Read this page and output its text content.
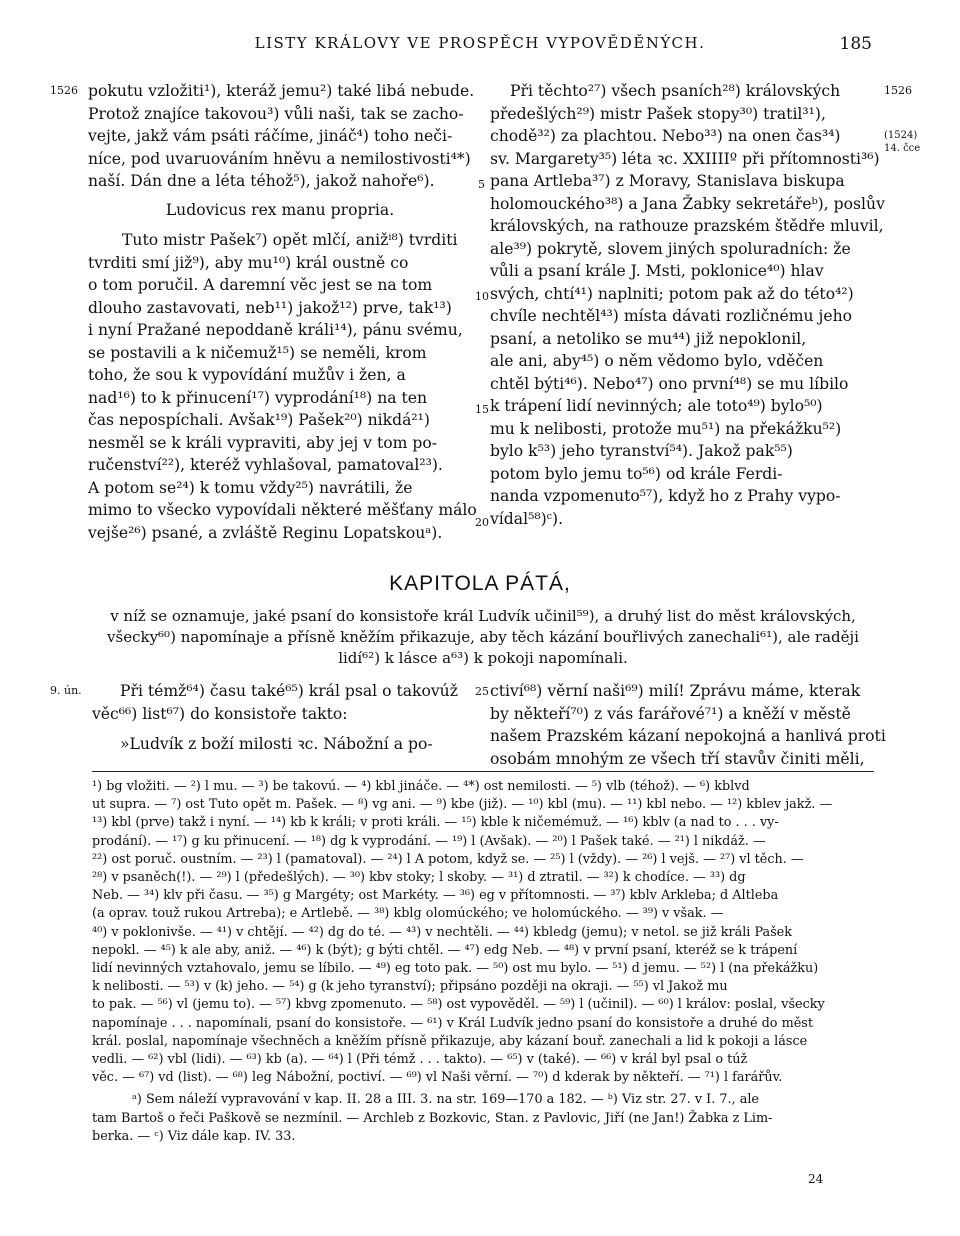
LISTY KRÁLOVY VE PROSPĚCH VYPOVĚDĚNÝCH.	185
1526	1526
(1524)
14. čce
5
10
15
20
25
9. ún.
pokutu vzložiti¹), kteráž jemu²) také libá nebude.
Protož znajíce takovou³) vůli naši, tak se zacho-
vejte, jakž vám psáti ráčíme, jináč⁴) toho neči-
níce, pod uvaruováním hněvu a nemilostivosti⁴*)
naší. Dán dne a léta téhož⁵), jakož nahoře⁶).
Ludovicus rex manu propria.
Tuto mistr Pašek⁷) opět mlčí, anižⁱ⁸) tvrditi
tvrditi smí již⁹), aby mu¹⁰) král oustně co
o tom poručil. A daremní věc jest se na tom
dlouho zastavovati, neb¹¹) jakož¹²) prve, tak¹³)
i nyní Pražané nepoddaně králi¹⁴), pánu svému,
se postavili a k ničemuž¹⁵) se neměli, krom
toho, že sou k vypovídání mužův i žen, a
nad¹⁶) to k přinucení¹⁷) vyprodání¹⁸) na ten
čas nepospíchali. Avšak¹⁹) Pašek²⁰) nikdá²¹)
nesměl se k králi vypraviti, aby jej v tom po-
ručenství²²), kteréž vyhlašoval, pamatoval²³).
A potom se²⁴) k tomu vždy²⁵) navrátili, že
mimo to všecko vypovídali některé měšťany málo
vejše²⁶) psané, a zvláště Reginu Lopatskouᵃ).
Při těchto²⁷) všech psaních²⁸) královských
předešlých²⁹) mistr Pašek stopy³⁰) tratil³¹),
chodě³²) za plachtou. Nebo³³) na onen čas³⁴)
sv. Margarety³⁵) léta ꝛc. XXIIIIº při přítomnosti³⁶)
pana Artleba³⁷) z Moravy, Stanislava biskupa
holomouckého³⁸) a Jana Žabky sekretářeᵇ), poslův
královských, na rathouze prazském štědře mluvil,
ale³⁹) pokrytě, slovem jiných spoluradních: že
vůli a psaní krále J. Msti, poklonice⁴⁰) hlav
svých, chtí⁴¹) naplniti; potom pak až do této⁴²)
chvíle nechtěl⁴³) místa dávati rozličnému jeho
psaní, a netoliko se mu⁴⁴) již nepoklonil,
ale ani, aby⁴⁵) o něm vědomo bylo, vděčen
chtěl býti⁴⁶). Nebo⁴⁷) ono první⁴⁸) se mu líbilo
k trápení lidí nevinných; ale toto⁴⁹) bylo⁵⁰)
mu k nelibosti, protože mu⁵¹) na překážku⁵²)
bylo k⁵³) jeho tyranství⁵⁴). Jakož pak⁵⁵)
potom bylo jemu to⁵⁶) od krále Ferdi-
nanda vzpomenuto⁵⁷), když ho z Prahy vypo-
vídal⁵⁸)ᶜ).
KAPITOLA PÁTÁ,
v níž se oznamuje, jaké psaní do konsistoře král Ludvík učinil⁵⁹), a druhý list do měst královských,
všecky⁶⁰) napomínaje a přísně kněžím přikazuje, aby těch kázání bouřlivých zanechali⁶¹), ale raději
lidí⁶²) k lásce a⁶³) k pokoji napomínali.
Při témž⁶⁴) času také⁶⁵) král psal o takovúž
věc⁶⁶) list⁶⁷) do konsistoře takto:
»Ludvík z boží milosti ꝛc. Nábožní a po-
ctiví⁶⁸) věrní naši⁶⁹) milí! Zprávu máme, kterak
by někteří⁷⁰) z vás farářové⁷¹) a kněží v městě
našem Prazském kázaní nepokojná a hanlivá proti
osobám mnohým ze všech tří stavův činiti měli,
¹) bg vložiti. — ²) l mu. — ³) be takovú. — ⁴) kbl jináče. — ⁴*) ost nemilosti. — ⁵) vlb (téhož). — ⁶) kblvd
ut supra. — ⁷) ost Tuto opět m. Pašek. — ⁸) vg ani. — ⁹) kbe (již). — ¹⁰) kbl (mu). — ¹¹) kbl nebo. — ¹²) kblev jakž. —
¹³) kbl (prve) takž i nyní. — ¹⁴) kb k králi; v proti králi. — ¹⁵) kble k ničemémuž. — ¹⁶) kblv (a nad to . . . vy-
prodání). — ¹⁷) g ku přinucení. — ¹⁸) dg k vyprodání. — ¹⁹) l (Avšak). — ²⁰) l Pašek také. — ²¹) l nikdáž. —
²²) ost poruč. oustním. — ²³) l (pamatoval). — ²⁴) l A potom, když se. — ²⁵) l (vždy). — ²⁶) l vejš. — ²⁷) vl těch. —
²⁸) v psaněch(!). — ²⁹) l (předešlých). — ³⁰) kbv stoky; l skoby. — ³¹) d ztratil. — ³²) k chodíce. — ³³) dg
Neb. — ³⁴) klv při času. — ³⁵) g Margéty; ost Markéty. — ³⁶) eg v přítomnosti. — ³⁷) kblv Arkleba; d Altleba
(a oprav. touž rukou Artreba); e Artlebě. — ³⁸) kblg olomúckého; ve holomúckého. — ³⁹) v však. —
⁴⁰) v poklonivše. — ⁴¹) v chtějí. — ⁴²) dg do té. — ⁴³) v nechtěli. — ⁴⁴) kbledg (jemu); v netol. se již králi Pašek
nepokl. — ⁴⁵) k ale aby, aniž. — ⁴⁶) k (být); g býti chtěl. — ⁴⁷) edg Neb. — ⁴⁸) v první psaní, kteréž se k trápení
lidí nevinných vztahovalo, jemu se líbilo. — ⁴⁹) eg toto pak. — ⁵⁰) ost mu bylo. — ⁵¹) d jemu. — ⁵²) l (na překážku)
k nelibosti. — ⁵³) v (k) jeho. — ⁵⁴) g (k jeho tyranství); připsáno později na okraji. — ⁵⁵) vl Jakož mu
to pak. — ⁵⁶) vl (jemu to). — ⁵⁷) kbvg zpomenuto. — ⁵⁸) ost vypověděl. — ⁵⁹) l (učinil). — ⁶⁰) l králov: poslal, všecky
napomínaje . . . napomínali, psaní do konsistoře. — ⁶¹) v Král Ludvík jedno psaní do konsistoře a druhé do měst
král. poslal, napomínaje všechněch a kněžím přísně přikazuje, aby kázaní bouř. zanechali a lid k pokoji a lásce
vedli. — ⁶²) vbl (lidi). — ⁶³) kb (a). — ⁶⁴) l (Při témž . . . takto). — ⁶⁵) v (také). — ⁶⁶) v král byl psal o túž
věc. — ⁶⁷) vd (list). — ⁶⁸) leg Nábožní, poctiví. — ⁶⁹) vl Naši věrní. — ⁷⁰) d kderak by někteří. — ⁷¹) l farářův.
ᵃ) Sem náleží vypravování v kap. II. 28 a III. 3. na str. 169—170 a 182. — ᵇ) Viz str. 27. v I. 7., ale
tam Bartoš o řeči Paškově se nezmínil. — Archleb z Bozkovic, Stan. z Pavlovic, Jiří (ne Jan!) Žabka z Lim-
berka. — ᶜ) Viz dále kap. IV. 33.
24
